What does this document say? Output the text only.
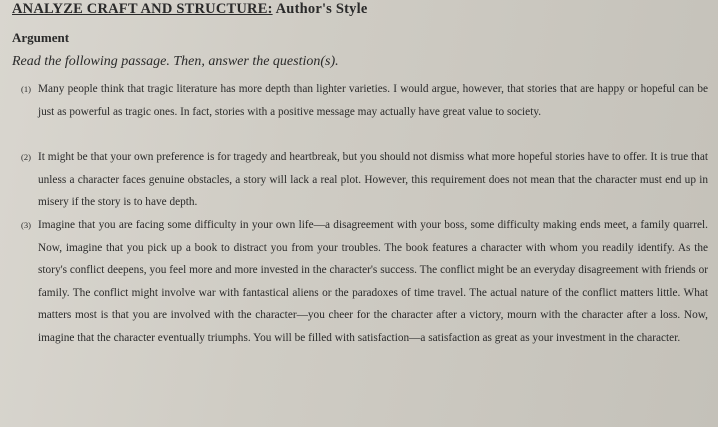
ANALYZE CRAFT AND STRUCTURE: Author's Style
Argument
Read the following passage. Then, answer the question(s).
(1) Many people think that tragic literature has more depth than lighter varieties. I would argue, however, that stories that are happy or hopeful can be just as powerful as tragic ones. In fact, stories with a positive message may actually have great value to society.
(2) It might be that your own preference is for tragedy and heartbreak, but you should not dismiss what more hopeful stories have to offer. It is true that unless a character faces genuine obstacles, a story will lack a real plot. However, this requirement does not mean that the character must end up in misery if the story is to have depth.
(3) Imagine that you are facing some difficulty in your own life—a disagreement with your boss, some difficulty making ends meet, a family quarrel. Now, imagine that you pick up a book to distract you from your troubles. The book features a character with whom you readily identify. As the story's conflict deepens, you feel more and more invested in the character's success. The conflict might be an everyday disagreement with friends or family. The conflict might involve war with fantastical aliens or the paradoxes of time travel. The actual nature of the conflict matters little. What matters most is that you are involved with the character—you cheer for the character after a victory, mourn with the character after a loss. Now, imagine that the character eventually triumphs. You will be filled with satisfaction—a satisfaction as great as your investment in the character.
